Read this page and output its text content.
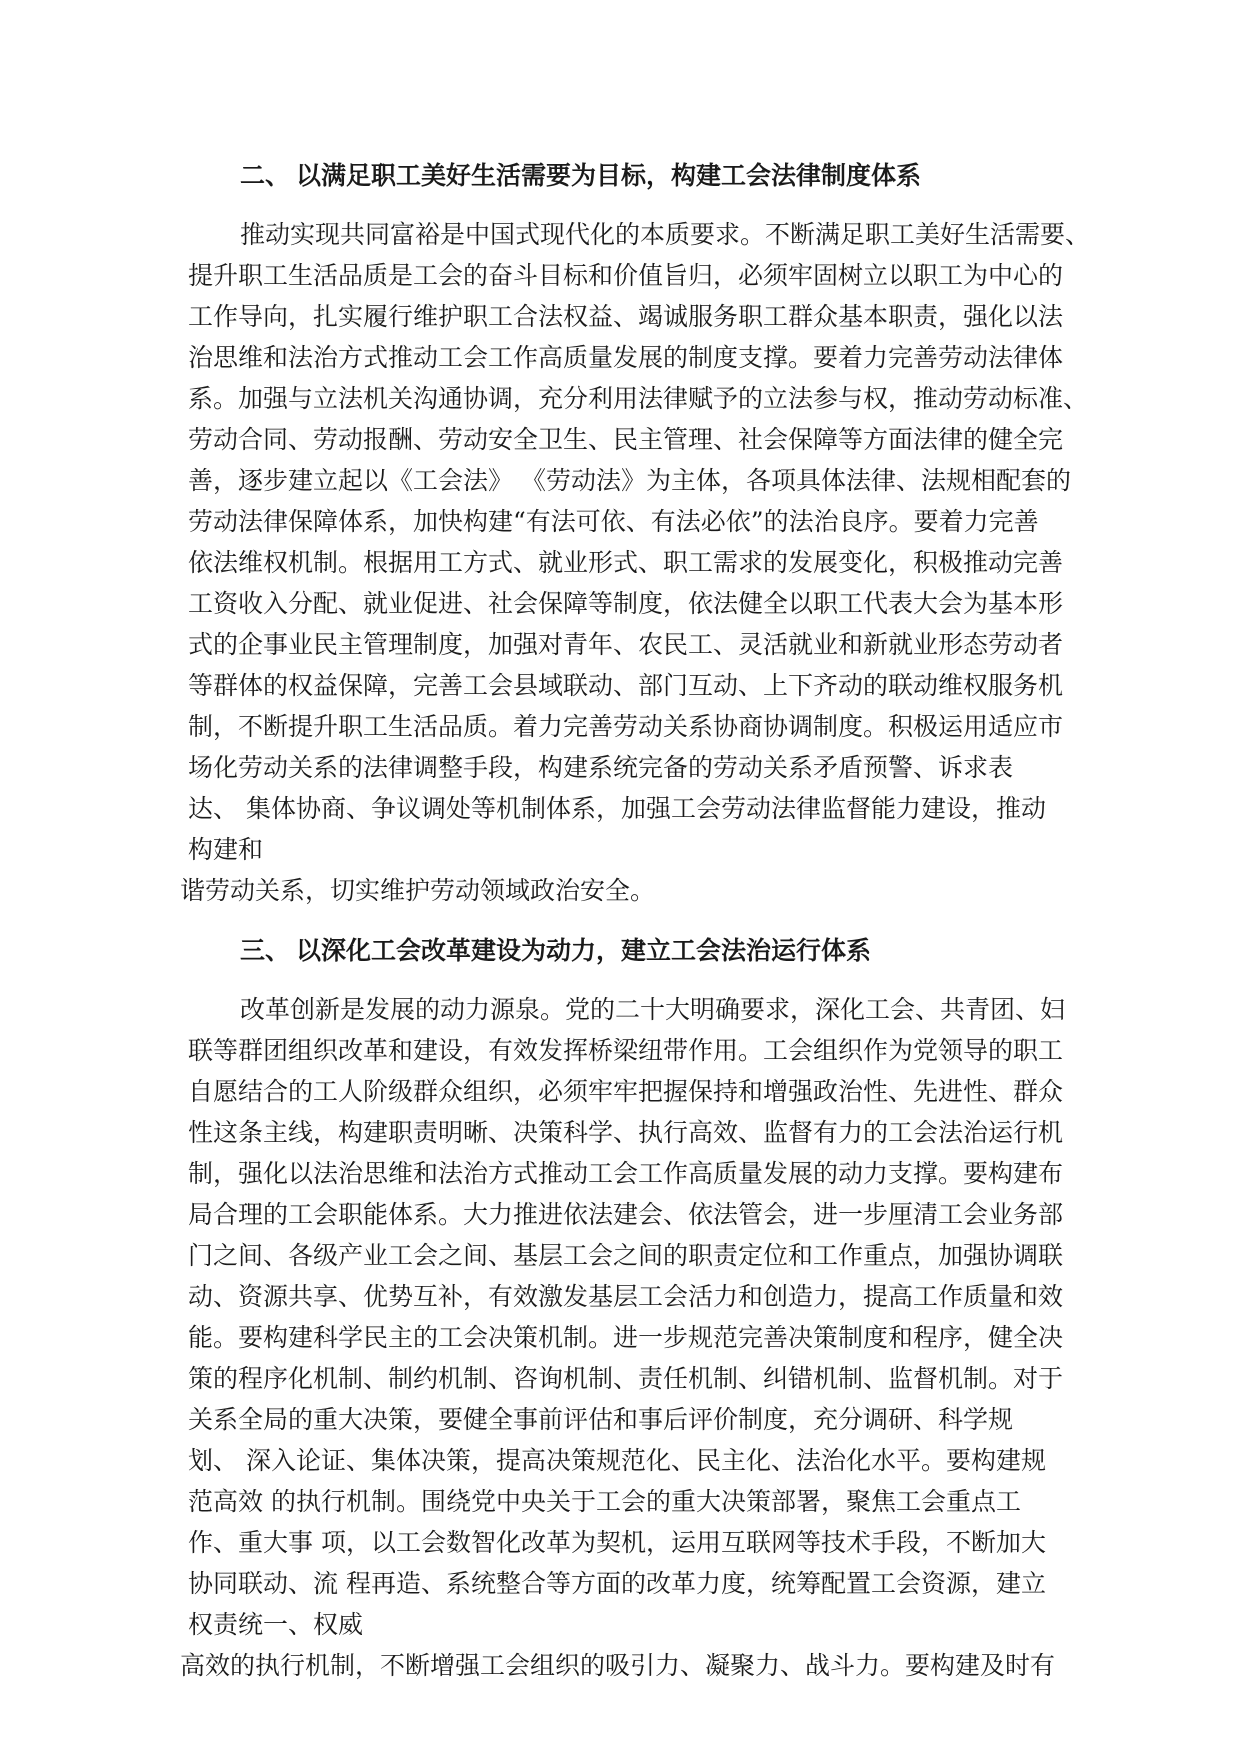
二、 以满足职工美好生活需要为目标，构建工会法律制度体系
推动实现共同富裕是中国式现代化的本质要求。不断满足职工美好生活需要、
提升职工生活品质是工会的奋斗目标和价值旨归，必须牢固树立以职工为中心的
工作导向，扎实履行维护职工合法权益、竭诚服务职工群众基本职责，强化以法
治思维和法治方式推动工会工作高质量发展的制度支撑。要着力完善劳动法律体
系。加强与立法机关沟通协调，充分利用法律赋予的立法参与权，推动劳动标准、
劳动合同、劳动报酬、劳动安全卫生、民主管理、社会保障等方面法律的健全完
善，逐步建立起以《工会法》 《劳动法》为主体，各项具体法律、法规相配套的
劳动法律保障体系，加快构建“有法可依、有法必依”的法治良序。要着力完善
依法维权机制。根据用工方式、就业形式、职工需求的发展变化，积极推动完善
工资收入分配、就业促进、社会保障等制度，依法健全以职工代表大会为基本形
式的企事业民主管理制度，加强对青年、农民工、灵活就业和新就业形态劳动者
等群体的权益保障，完善工会县域联动、部门互动、上下齐动的联动维权服务机
制，不断提升职工生活品质。着力完善劳动关系协商协调制度。积极运用适应市
场化劳动关系的法律调整手段，构建系统完备的劳动关系矛盾预警、诉求表
达、 集体协商、争议调处等机制体系，加强工会劳动法律监督能力建设，推动
构建和
谐劳动关系，切实维护劳动领域政治安全。
三、 以深化工会改革建设为动力，建立工会法治运行体系
改革创新是发展的动力源泉。党的二十大明确要求，深化工会、共青团、妇
联等群团组织改革和建设，有效发挥桥梁纽带作用。工会组织作为党领导的职工
自愿结合的工人阶级群众组织，必须牢牢把握保持和增强政治性、先进性、群众
性这条主线，构建职责明晰、决策科学、执行高效、监督有力的工会法治运行机
制，强化以法治思维和法治方式推动工会工作高质量发展的动力支撑。要构建布
局合理的工会职能体系。大力推进依法建会、依法管会，进一步厘清工会业务部
门之间、各级产业工会之间、基层工会之间的职责定位和工作重点，加强协调联
动、资源共享、优势互补，有效激发基层工会活力和创造力，提高工作质量和效
能。要构建科学民主的工会决策机制。进一步规范完善决策制度和程序，健全决
策的程序化机制、制约机制、咨询机制、责任机制、纠错机制、监督机制。对于
关系全局的重大决策，要健全事前评估和事后评价制度，充分调研、科学规
划、 深入论证、集体决策，提高决策规范化、民主化、法治化水平。要构建规
范高效 的执行机制。围绕党中央关于工会的重大决策部署，聚焦工会重点工
作、重大事 项，以工会数智化改革为契机，运用互联网等技术手段，不断加大
协同联动、流 程再造、系统整合等方面的改革力度，统筹配置工会资源，建立
权责统一、权威
高效的执行机制，不断增强工会组织的吸引力、凝聚力、战斗力。要构建及时有
